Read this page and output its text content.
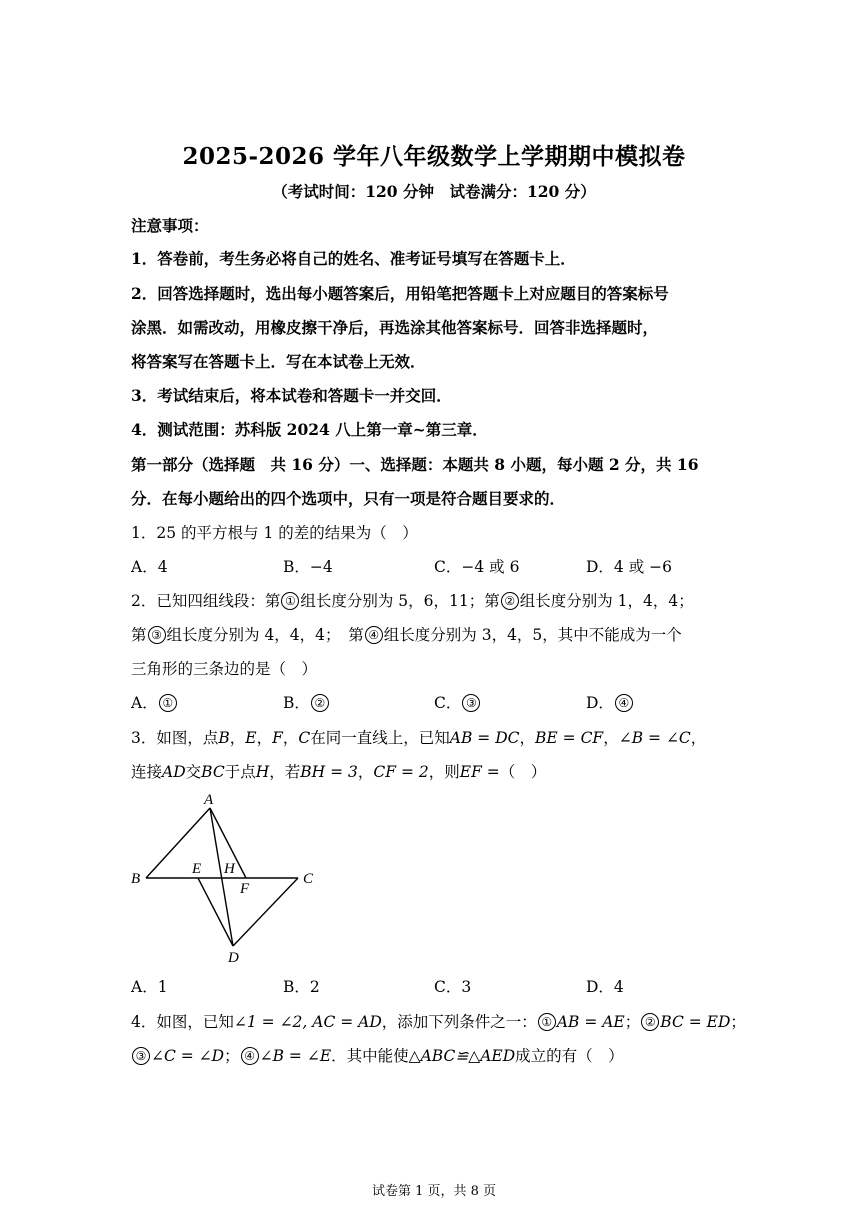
2025-2026 学年八年级数学上学期期中模拟卷
（考试时间：120 分钟　试卷满分：120 分）
注意事项：
1．答卷前，考生务必将自己的姓名、准考证号填写在答题卡上．
2．回答选择题时，选出每小题答案后，用铅笔把答题卡上对应题目的答案标号
涂黑．如需改动，用橡皮擦干净后，再选涂其他答案标号．回答非选择题时，
将答案写在答题卡上．写在本试卷上无效．
3．考试结束后，将本试卷和答题卡一并交回．
4．测试范围：苏科版 2024 八上第一章~第三章．
第一部分（选择题　共 16 分）一、选择题：本题共 8 小题，每小题 2 分，共 16
分．在每小题给出的四个选项中，只有一项是符合题目要求的．
1．25 的平方根与 1 的差的结果为（　）
A．4	B．−4	C．−4 或 6	D．4 或 −6
2．已知四组线段：第 ① 组长度分别为 5，6，11；第 ② 组长度分别为 1，4，4；
第 ③ 组长度分别为 4，4，4；　第 ④ 组长度分别为 3，4，5，其中不能成为一个
三角形的三条边的是（　）
A． ①	B． ②	C． ③	D． ④
3．如图，点B，E，F，C在同一直线上，已知AB = DC，BE = CF，∠B = ∠C，
连接AD交BC于点H，若BH = 3，CF = 2，则EF =（　）
A
B	C
D
E
F
H
A．1	B．2	C．3	D．4
4．如图，已知∠1 = ∠2, AC = AD，添加下列条件之一： ① AB = AE； ② BC = ED；
③ ∠C = ∠D； ④ ∠B = ∠E．其中能使△ABC≌△AED成立的有（　）
试卷第 1 页，共 8 页
